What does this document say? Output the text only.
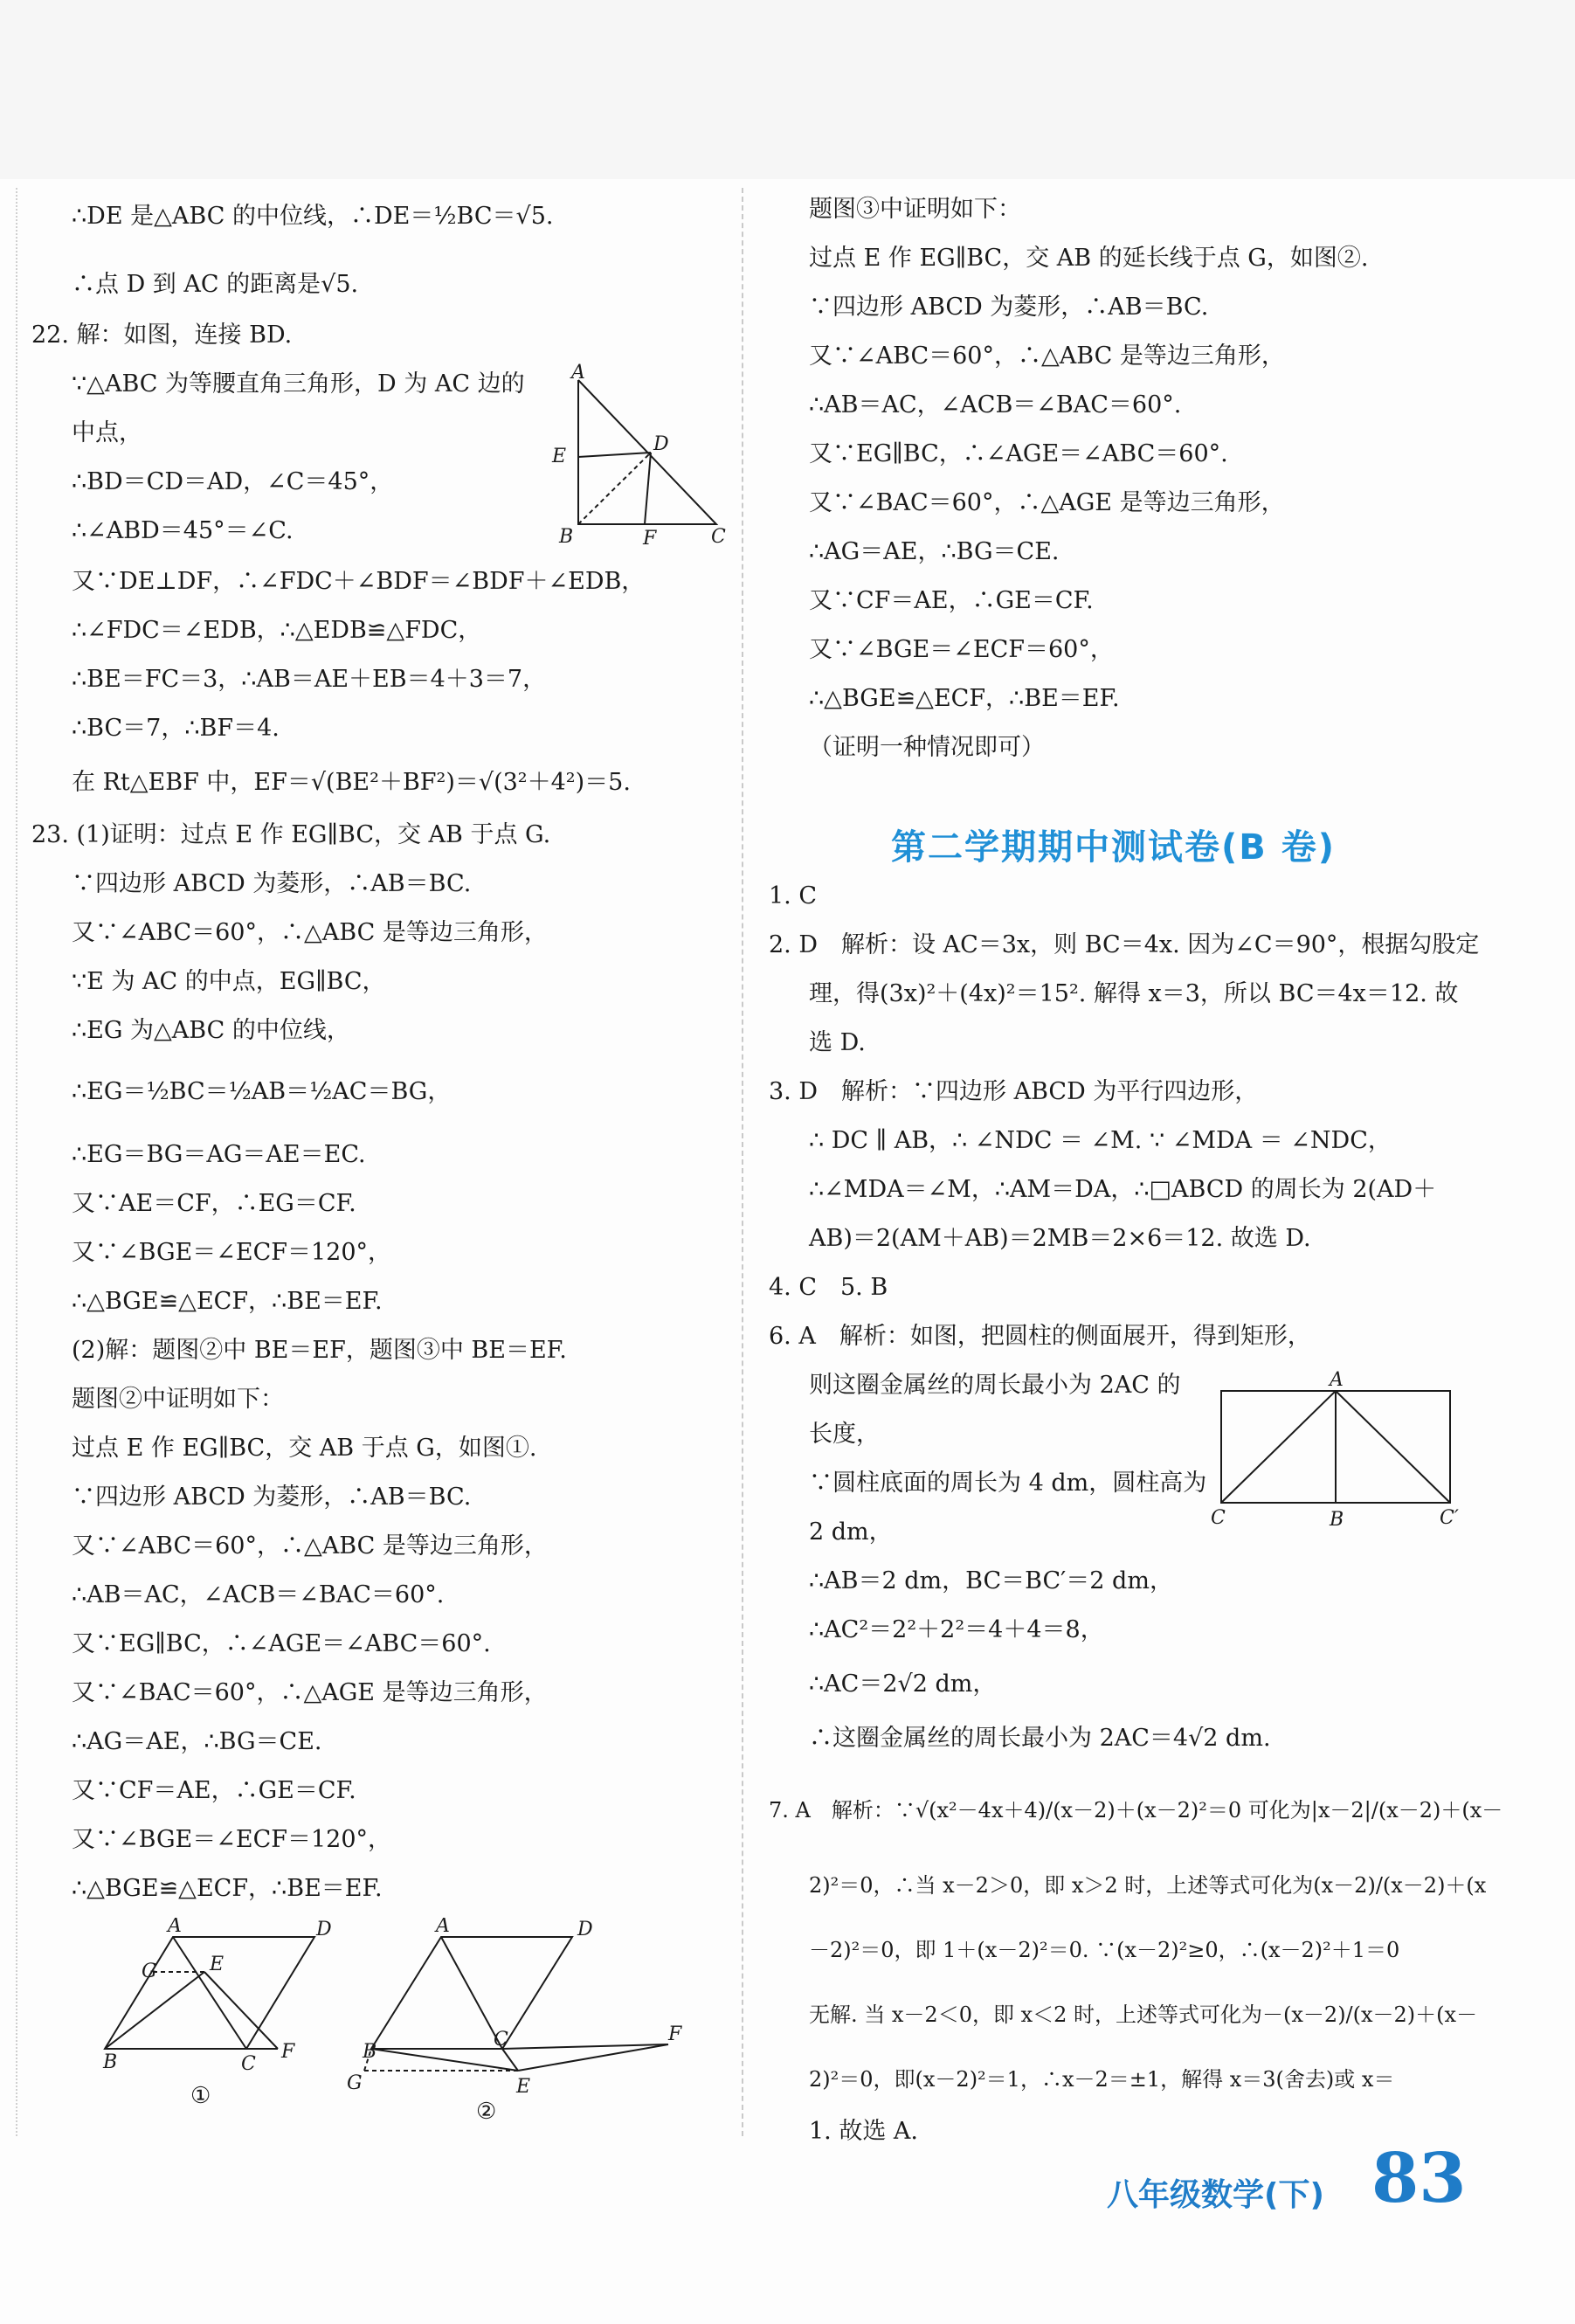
∴DE 是△ABC 的中位线，∴DE＝½BC＝√5.
∴点 D 到 AC 的距离是√5.
22. 解：如图，连接 BD.
∵△ABC 为等腰直角三角形，D 为 AC 边的
中点，
∴BD＝CD＝AD，∠C＝45°，
∴∠ABD＝45°＝∠C.
又∵DE⊥DF，∴∠FDC＋∠BDF＝∠BDF＋∠EDB，
∴∠FDC＝∠EDB，∴△EDB≌△FDC，
∴BE＝FC＝3，∴AB＝AE＋EB＝4＋3＝7，
∴BC＝7，∴BF＝4.
在 Rt△EBF 中，EF＝√(BE²＋BF²)＝√(3²＋4²)＝5.
23. (1)证明：过点 E 作 EG∥BC，交 AB 于点 G.
∵四边形 ABCD 为菱形，∴AB＝BC.
又∵∠ABC＝60°，∴△ABC 是等边三角形，
∵E 为 AC 的中点，EG∥BC，
∴EG 为△ABC 的中位线，
∴EG＝½BC＝½AB＝½AC＝BG，
∴EG＝BG＝AG＝AE＝EC.
又∵AE＝CF，∴EG＝CF.
又∵∠BGE＝∠ECF＝120°，
∴△BGE≌△ECF，∴BE＝EF.
(2)解：题图②中 BE＝EF，题图③中 BE＝EF.
题图②中证明如下：
过点 E 作 EG∥BC，交 AB 于点 G，如图①.
∵四边形 ABCD 为菱形，∴AB＝BC.
又∵∠ABC＝60°，∴△ABC 是等边三角形，
∴AB＝AC，∠ACB＝∠BAC＝60°.
又∵EG∥BC，∴∠AGE＝∠ABC＝60°.
又∵∠BAC＝60°，∴△AGE 是等边三角形，
∴AG＝AE，∴BG＝CE.
又∵CF＝AE，∴GE＝CF.
又∵∠BGE＝∠ECF＝120°，
∴△BGE≌△ECF，∴BE＝EF.
A
E
D
B	F	C
A	D
G	E
B	C
F
①
A	D
B
C
G	E
F
②
题图③中证明如下：
过点 E 作 EG∥BC，交 AB 的延长线于点 G，如图②.
∵四边形 ABCD 为菱形，∴AB＝BC.
又∵∠ABC＝60°，∴△ABC 是等边三角形，
∴AB＝AC，∠ACB＝∠BAC＝60°.
又∵EG∥BC，∴∠AGE＝∠ABC＝60°.
又∵∠BAC＝60°，∴△AGE 是等边三角形，
∴AG＝AE，∴BG＝CE.
又∵CF＝AE，∴GE＝CF.
又∵∠BGE＝∠ECF＝60°，
∴△BGE≌△ECF，∴BE＝EF.
（证明一种情况即可）
第二学期期中测试卷(B 卷)
1. C
2. D　解析：设 AC＝3x，则 BC＝4x. 因为∠C＝90°，根据勾股定
理，得(3x)²＋(4x)²＝15². 解得 x＝3，所以 BC＝4x＝12. 故
选 D.
3. D　解析：∵四边形 ABCD 为平行四边形，
∴ DC ∥ AB，∴ ∠NDC ＝ ∠M. ∵ ∠MDA ＝ ∠NDC，
∴∠MDA＝∠M，∴AM＝DA，∴□ABCD 的周长为 2(AD＋
AB)＝2(AM＋AB)＝2MB＝2×6＝12. 故选 D.
4. C　5. B
6. A　解析：如图，把圆柱的侧面展开，得到矩形，
则这圈金属丝的周长最小为 2AC 的
长度，
∵圆柱底面的周长为 4 dm，圆柱高为
2 dm，
∴AB＝2 dm，BC＝BC′＝2 dm，
∴AC²＝2²＋2²＝4＋4＝8，
∴AC＝2√2 dm，
∴这圈金属丝的周长最小为 2AC＝4√2 dm.
7. A　解析：∵√(x²－4x＋4)/(x－2)＋(x－2)²＝0 可化为|x－2|/(x－2)＋(x－
2)²＝0，∴当 x－2＞0，即 x＞2 时，上述等式可化为(x－2)/(x－2)＋(x
－2)²＝0，即 1＋(x－2)²＝0. ∵(x－2)²≥0，∴(x－2)²＋1＝0
无解. 当 x－2＜0，即 x＜2 时，上述等式可化为－(x－2)/(x－2)＋(x－
2)²＝0，即(x－2)²＝1，∴x－2＝±1，解得 x＝3(舍去)或 x＝
1. 故选 A.
A
C	B	C′
八年级数学(下) 83
